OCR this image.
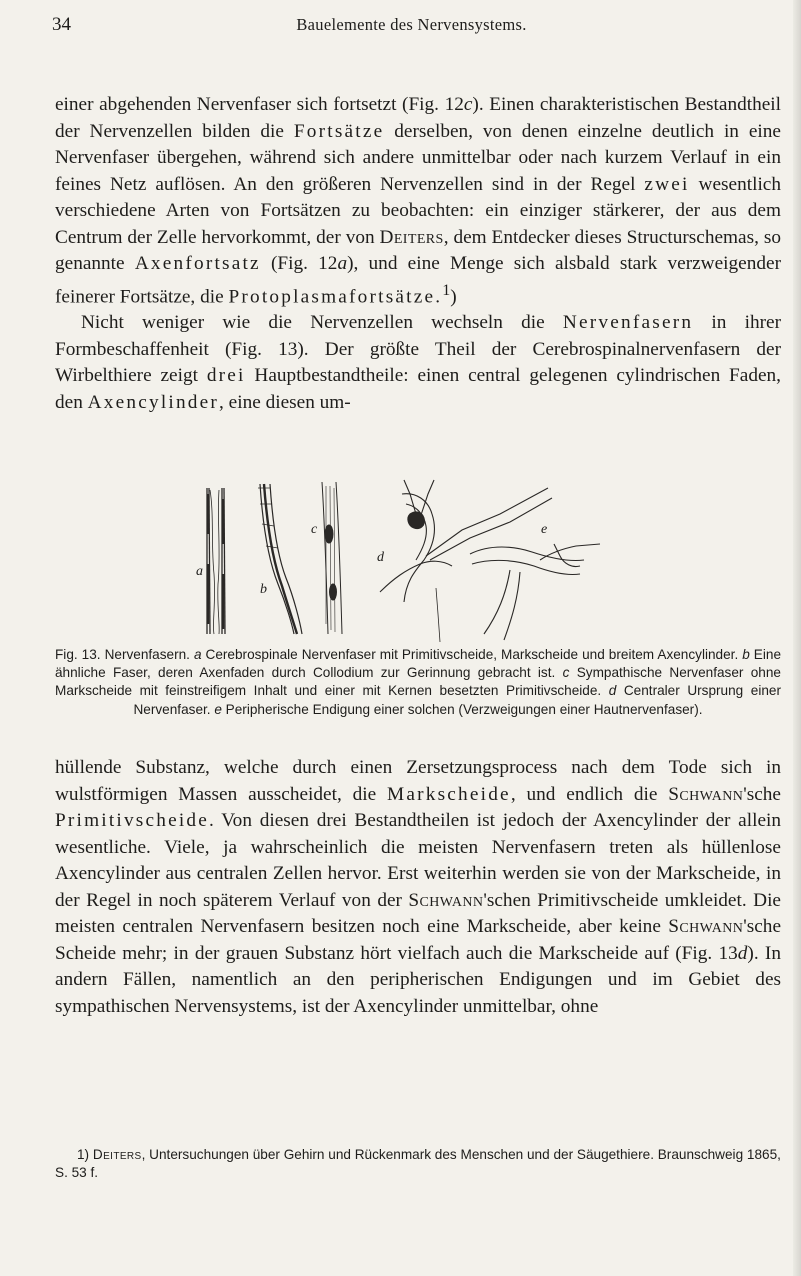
34	Bauelemente des Nervensystems.

einer abgehenden Nervenfaser sich fortsetzt (Fig. 12c). Einen charakteristischen Bestandtheil der Nervenzellen bilden die Fortsätze derselben, von denen einzelne deutlich in eine Nervenfaser übergehen, während sich andere unmittelbar oder nach kurzem Verlauf in ein feines Netz auflösen. An den größeren Nervenzellen sind in der Regel zwei wesentlich verschiedene Arten von Fortsätzen zu beobachten: ein einziger stärkerer, der aus dem Centrum der Zelle hervorkommt, der von Deiters, dem Entdecker dieses Structurschemas, so genannte Axenfortsatz (Fig. 12a), und eine Menge sich alsbald stark verzweigender feinerer Fortsätze, die Protoplasmafortsätze.$^1$)

Nicht weniger wie die Nervenzellen wechseln die Nervenfasern in ihrer Formbeschaffenheit (Fig. 13). Der größte Theil der Cerebrospinalnervenfasern der Wirbelthiere zeigt drei Hauptbestandtheile: einen central gelegenen cylindrischen Faden, den Axencylinder, eine diesen um-

a
b
c
d
e
Fig. 13. Nervenfasern. a Cerebrospinale Nervenfaser mit Primitivscheide, Markscheide und breitem Axencylinder. b Eine ähnliche Faser, deren Axenfaden durch Collodium zur Gerinnung gebracht ist. c Sympathische Nervenfaser ohne Markscheide mit feinstreifigem Inhalt und einer mit Kernen besetzten Primitivscheide. d Centraler Ursprung einer Nervenfaser. e Peripherische Endigung einer solchen (Verzweigungen einer Hautnervenfaser).

hüllende Substanz, welche durch einen Zersetzungsprocess nach dem Tode sich in wulstförmigen Massen ausscheidet, die Markscheide, und endlich die Schwann'sche Primitivscheide. Von diesen drei Bestandtheilen ist jedoch der Axencylinder der allein wesentliche. Viele, ja wahrscheinlich die meisten Nervenfasern treten als hüllenlose Axencylinder aus centralen Zellen hervor. Erst weiterhin werden sie von der Markscheide, in der Regel in noch späterem Verlauf von der Schwann'schen Primitivscheide umkleidet. Die meisten centralen Nervenfasern besitzen noch eine Markscheide, aber keine Schwann'sche Scheide mehr; in der grauen Substanz hört vielfach auch die Markscheide auf (Fig. 13d). In andern Fällen, namentlich an den peripherischen Endigungen und im Gebiet des sympathischen Nervensystems, ist der Axencylinder unmittelbar, ohne

1) Deiters, Untersuchungen über Gehirn und Rückenmark des Menschen und der Säugethiere. Braunschweig 1865, S. 53 f.
